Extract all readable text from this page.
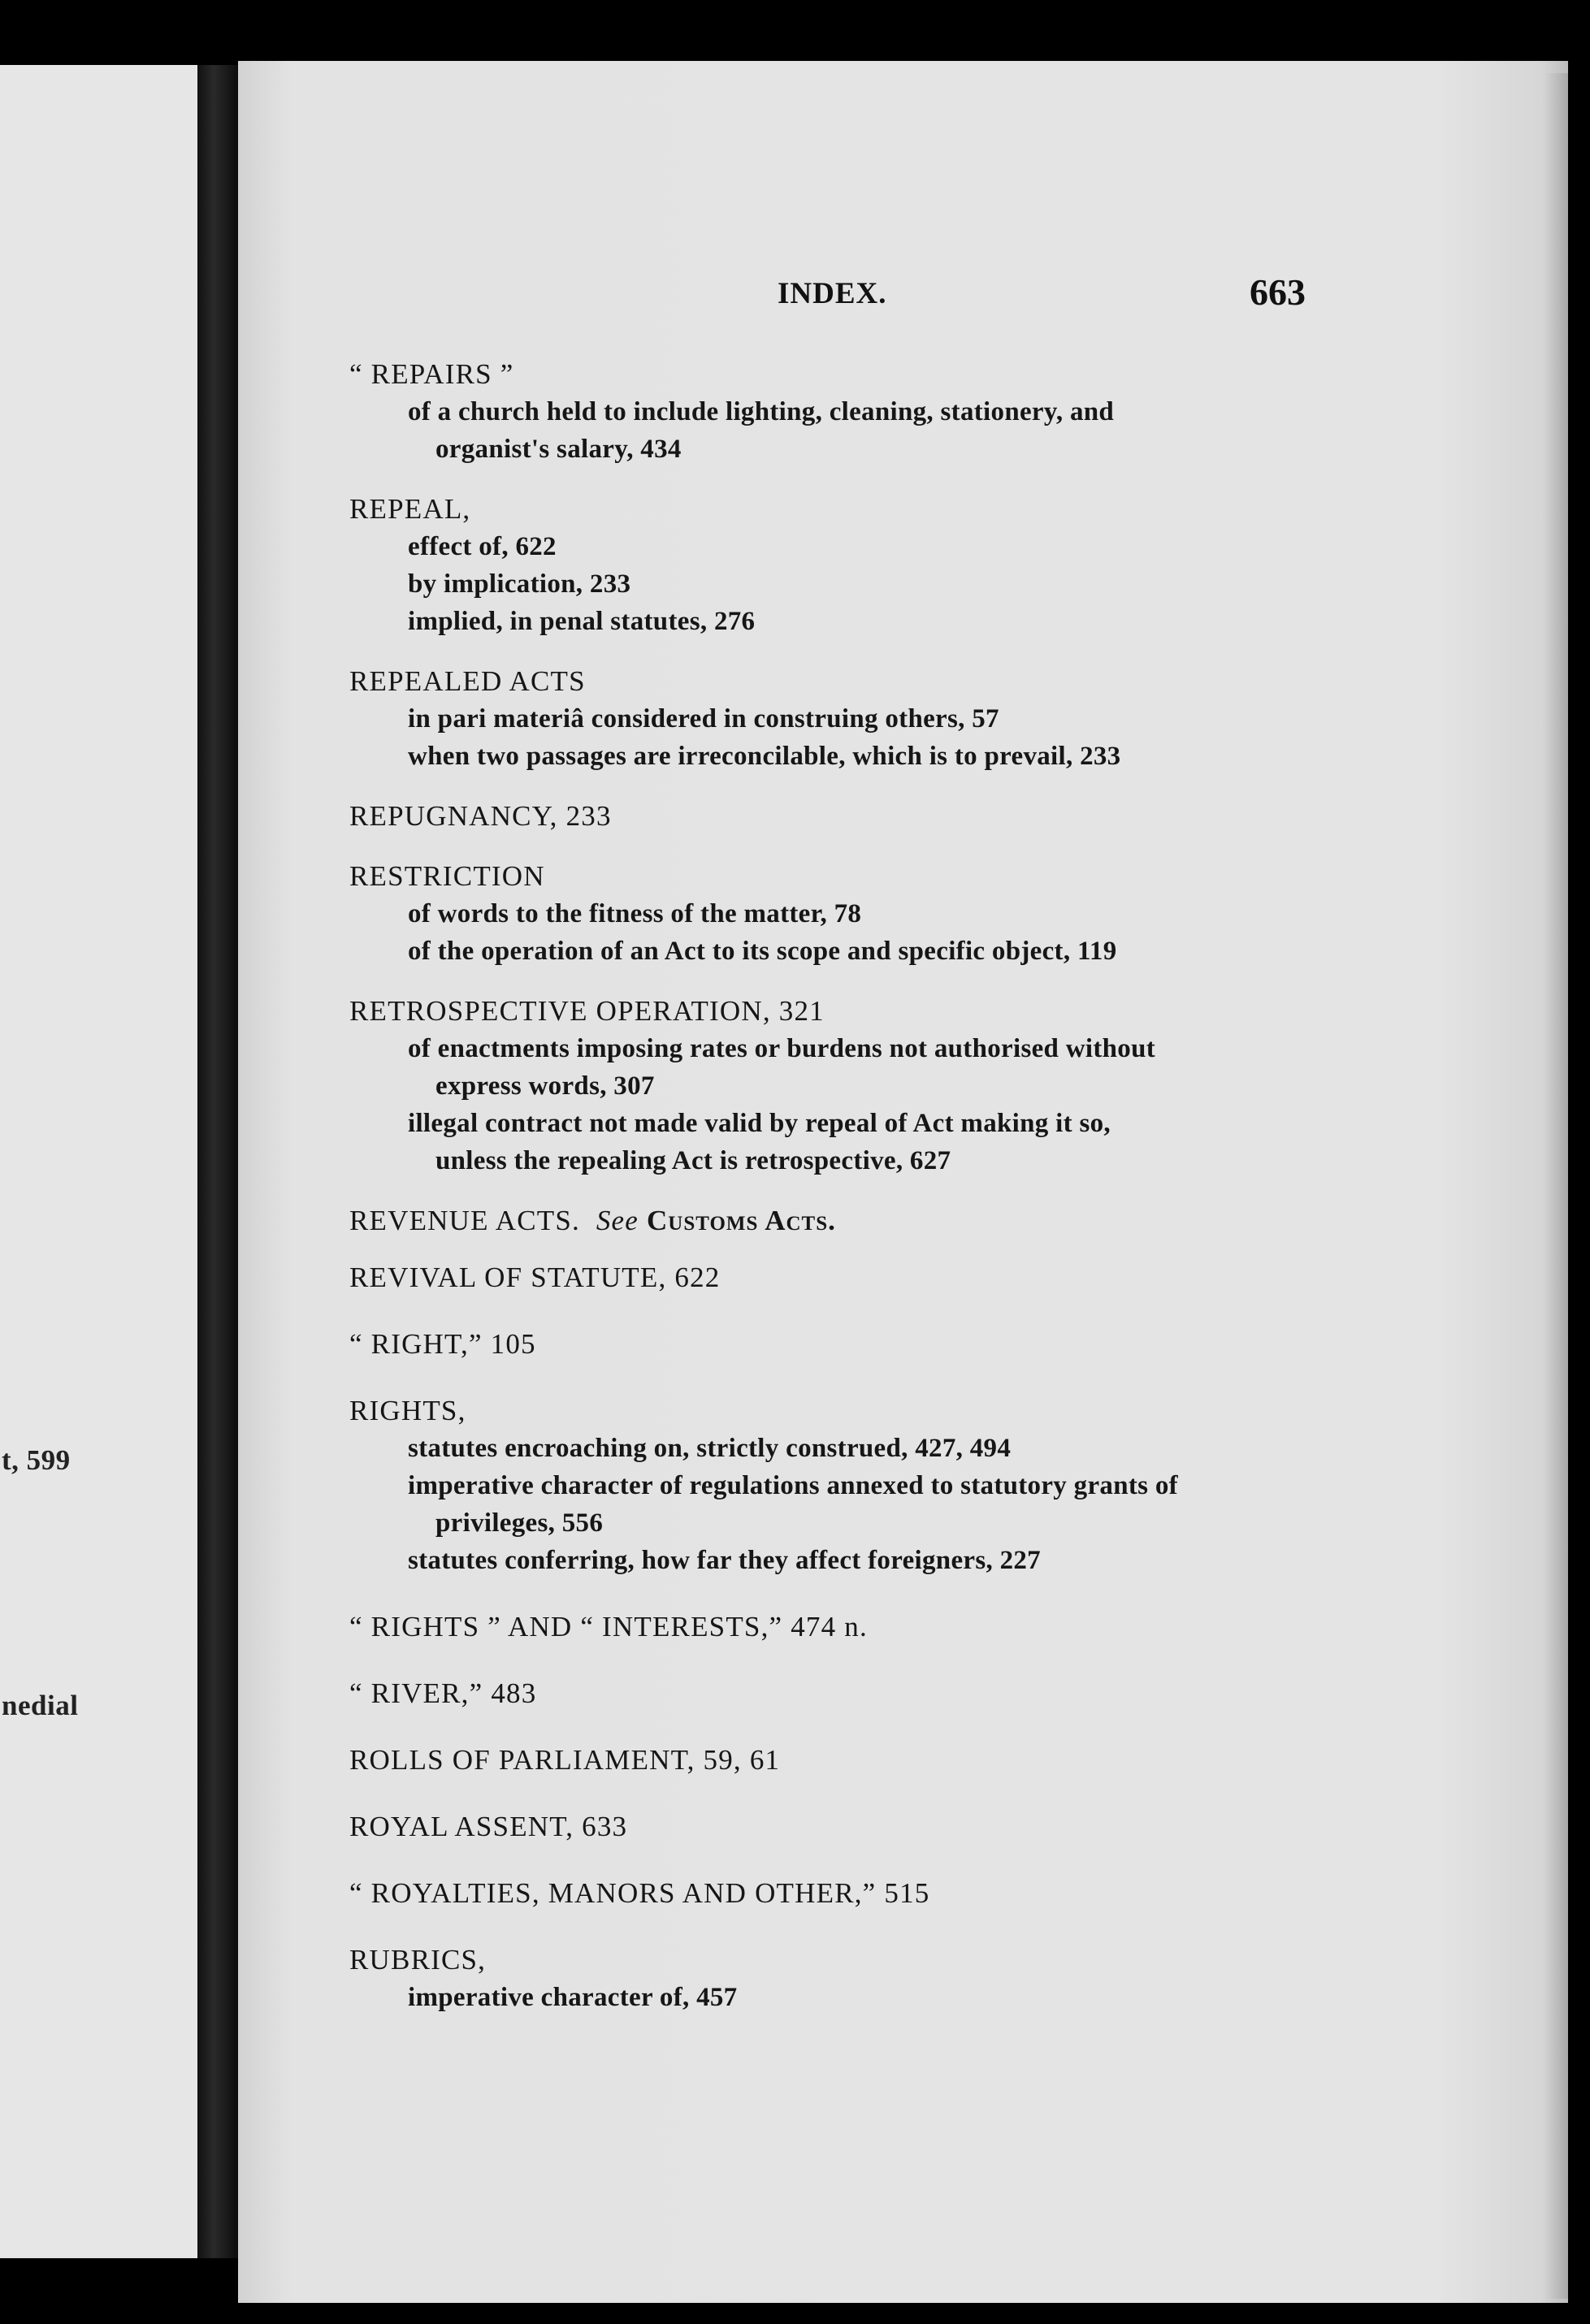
t, 599
nedial
INDEX.	663
“ REPAIRS ”
of a church held to include lighting, cleaning, stationery, and
organist's salary, 434
REPEAL,
effect of, 622
by implication, 233
implied, in penal statutes, 276
REPEALED ACTS
in pari materiâ considered in construing others, 57
when two passages are irreconcilable, which is to prevail, 233
REPUGNANCY, 233
RESTRICTION
of words to the fitness of the matter, 78
of the operation of an Act to its scope and specific object, 119
RETROSPECTIVE OPERATION, 321
of enactments imposing rates or burdens not authorised without
express words, 307
illegal contract not made valid by repeal of Act making it so,
unless the repealing Act is retrospective, 627
REVENUE ACTS. See Customs Acts.
REVIVAL OF STATUTE, 622
“ RIGHT,” 105
RIGHTS,
statutes encroaching on, strictly construed, 427, 494
imperative character of regulations annexed to statutory grants of
privileges, 556
statutes conferring, how far they affect foreigners, 227
“ RIGHTS ” AND “ INTERESTS,” 474 n.
“ RIVER,” 483
ROLLS OF PARLIAMENT, 59, 61
ROYAL ASSENT, 633
“ ROYALTIES, MANORS AND OTHER,” 515
RUBRICS,
imperative character of, 457
